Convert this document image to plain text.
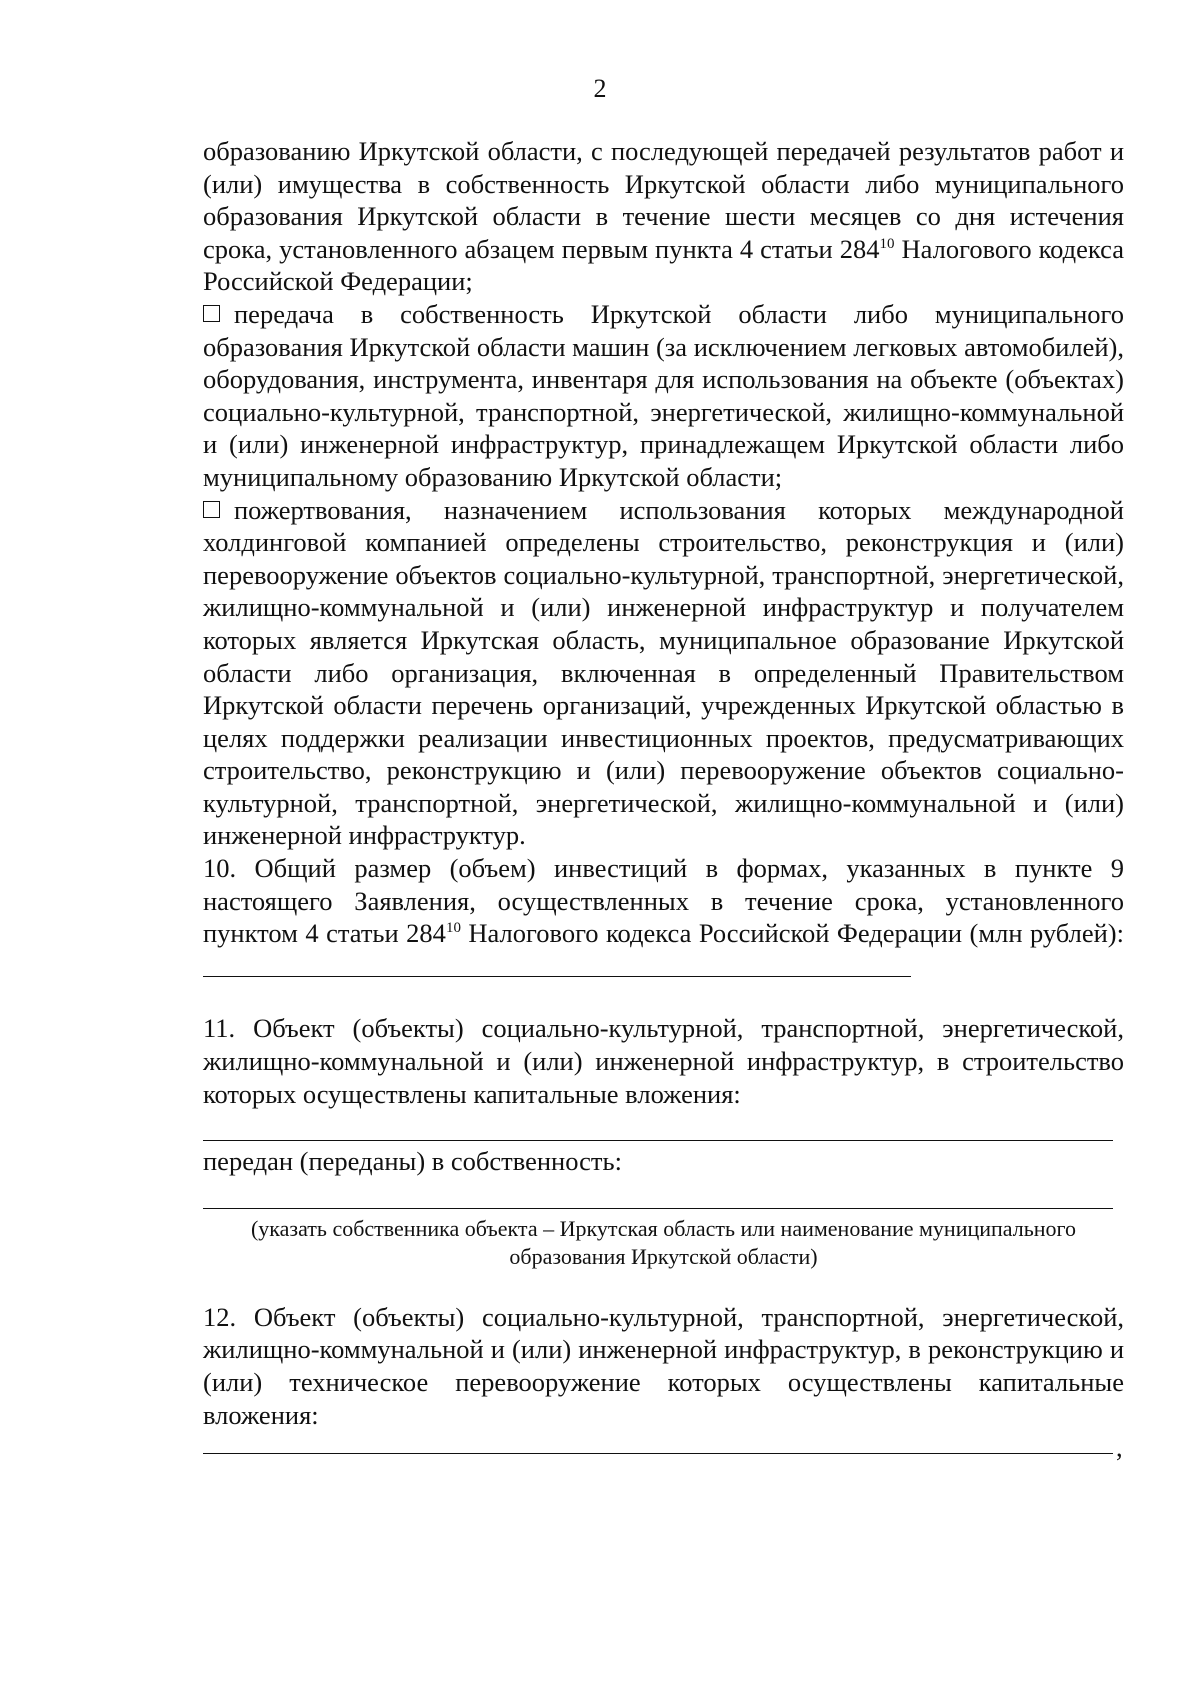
2

образованию Иркутской области, с последующей передачей результатов работ и (или) имущества в собственность Иркутской области либо муниципального образования Иркутской области в течение шести месяцев со дня истечения срока, установленного абзацем первым пункта 4 статьи $284^{10}$ Налогового кодекса Российской Федерации;

передача в собственность Иркутской области либо муниципального образования Иркутской области машин (за исключением легковых автомобилей), оборудования, инструмента, инвентаря для использования на объекте (объектах) социально-культурной, транспортной, энергетической, жилищно-коммунальной и (или) инженерной инфраструктур, принадлежащем Иркутской области либо муниципальному образованию Иркутской области;

пожертвования, назначением использования которых международной холдинговой компанией определены строительство, реконструкция и (или) перевооружение объектов социально-культурной, транспортной, энергетической, жилищно-коммунальной и (или) инженерной инфраструктур и получателем которых является Иркутская область, муниципальное образование Иркутской области либо организация, включенная в определенный Правительством Иркутской области перечень организаций, учрежденных Иркутской областью в целях поддержки реализации инвестиционных проектов, предусматривающих строительство, реконструкцию и (или) перевооружение объектов социально-культурной, транспортной, энергетической, жилищно-коммунальной и (или) инженерной инфраструктур.

10. Общий размер (объем) инвестиций в формах, указанных в пункте 9 настоящего Заявления, осуществленных в течение срока, установленного пунктом 4 статьи $284^{10}$ Налогового кодекса Российской Федерации (млн рублей):

11. Объект (объекты) социально-культурной, транспортной, энергетической, жилищно-коммунальной и (или) инженерной инфраструктур, в строительство которых осуществлены капитальные вложения:

передан (переданы) в собственность:

(указать собственника объекта – Иркутская область или наименование муниципального образования Иркутской области)

12. Объект (объекты) социально-культурной, транспортной, энергетической, жилищно-коммунальной и (или) инженерной инфраструктур, в реконструкцию и (или) техническое перевооружение которых осуществлены капитальные вложения:

,
